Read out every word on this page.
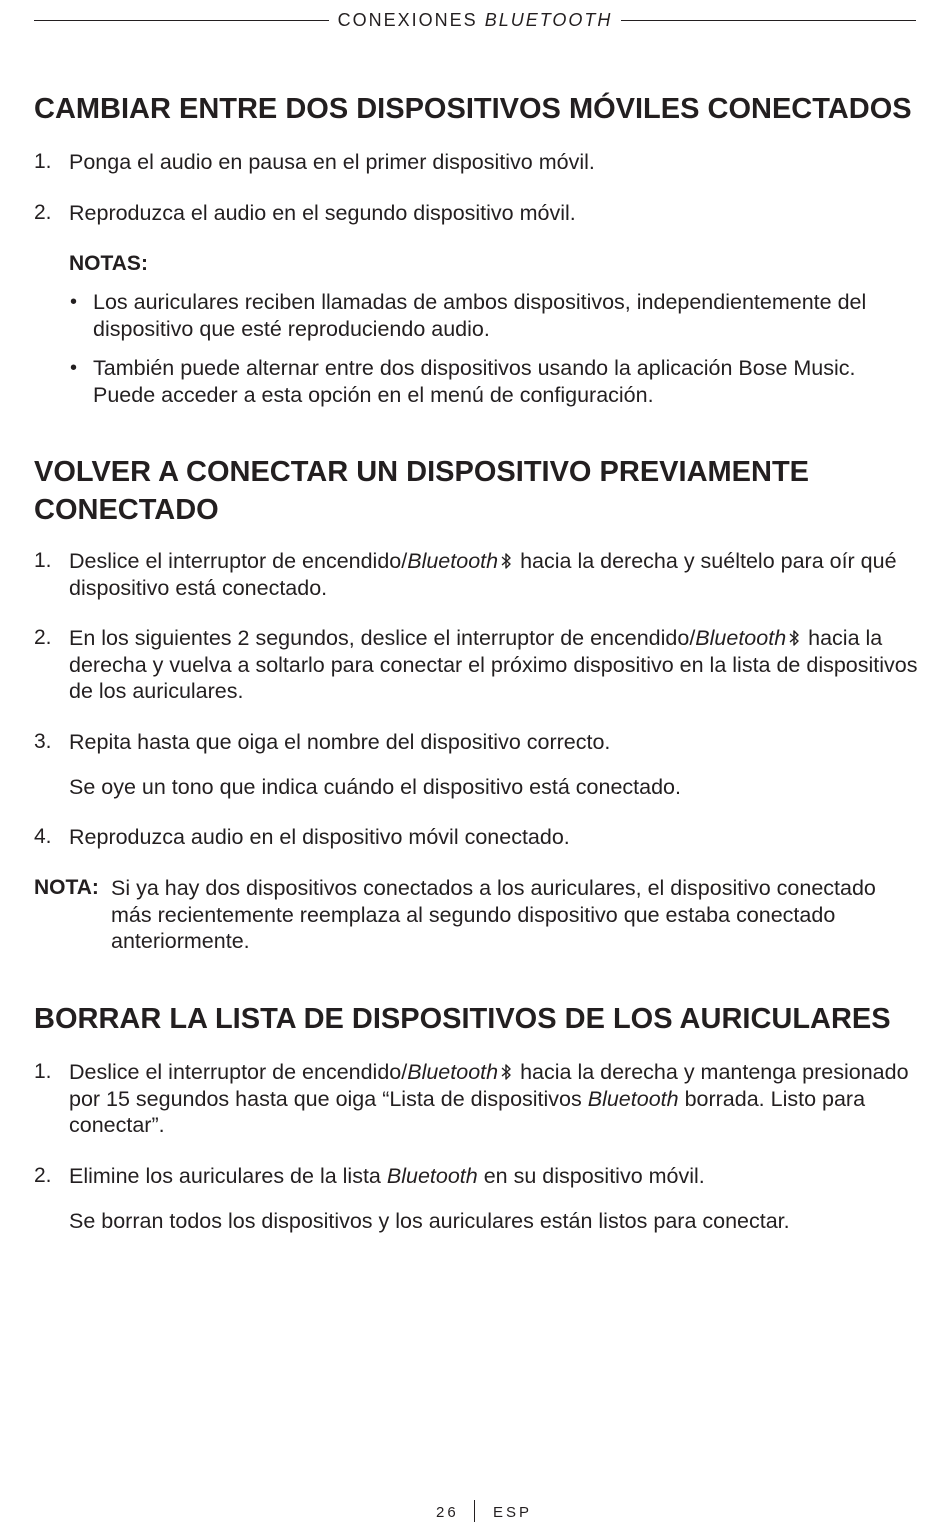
CONEXIONES BLUETOOTH
CAMBIAR ENTRE DOS DISPOSITIVOS MÓVILES CONECTADOS
1. Ponga el audio en pausa en el primer dispositivo móvil.
2. Reproduzca el audio en el segundo dispositivo móvil.
NOTAS:
• Los auriculares reciben llamadas de ambos dispositivos, independientemente del dispositivo que esté reproduciendo audio.
• También puede alternar entre dos dispositivos usando la aplicación Bose Music. Puede acceder a esta opción en el menú de configuración.
VOLVER A CONECTAR UN DISPOSITIVO PREVIAMENTE CONECTADO
1. Deslice el interruptor de encendido/Bluetooth hacia la derecha y suéltelo para oír qué dispositivo está conectado.
2. En los siguientes 2 segundos, deslice el interruptor de encendido/Bluetooth hacia la derecha y vuelva a soltarlo para conectar el próximo dispositivo en la lista de dispositivos de los auriculares.
3. Repita hasta que oiga el nombre del dispositivo correcto.
Se oye un tono que indica cuándo el dispositivo está conectado.
4. Reproduzca audio en el dispositivo móvil conectado.
NOTA: Si ya hay dos dispositivos conectados a los auriculares, el dispositivo conectado más recientemente reemplaza al segundo dispositivo que estaba conectado anteriormente.
BORRAR LA LISTA DE DISPOSITIVOS DE LOS AURICULARES
1. Deslice el interruptor de encendido/Bluetooth hacia la derecha y mantenga presionado por 15 segundos hasta que oiga “Lista de dispositivos Bluetooth borrada. Listo para conectar”.
2. Elimine los auriculares de la lista Bluetooth en su dispositivo móvil.
Se borran todos los dispositivos y los auriculares están listos para conectar.
26 ESP
